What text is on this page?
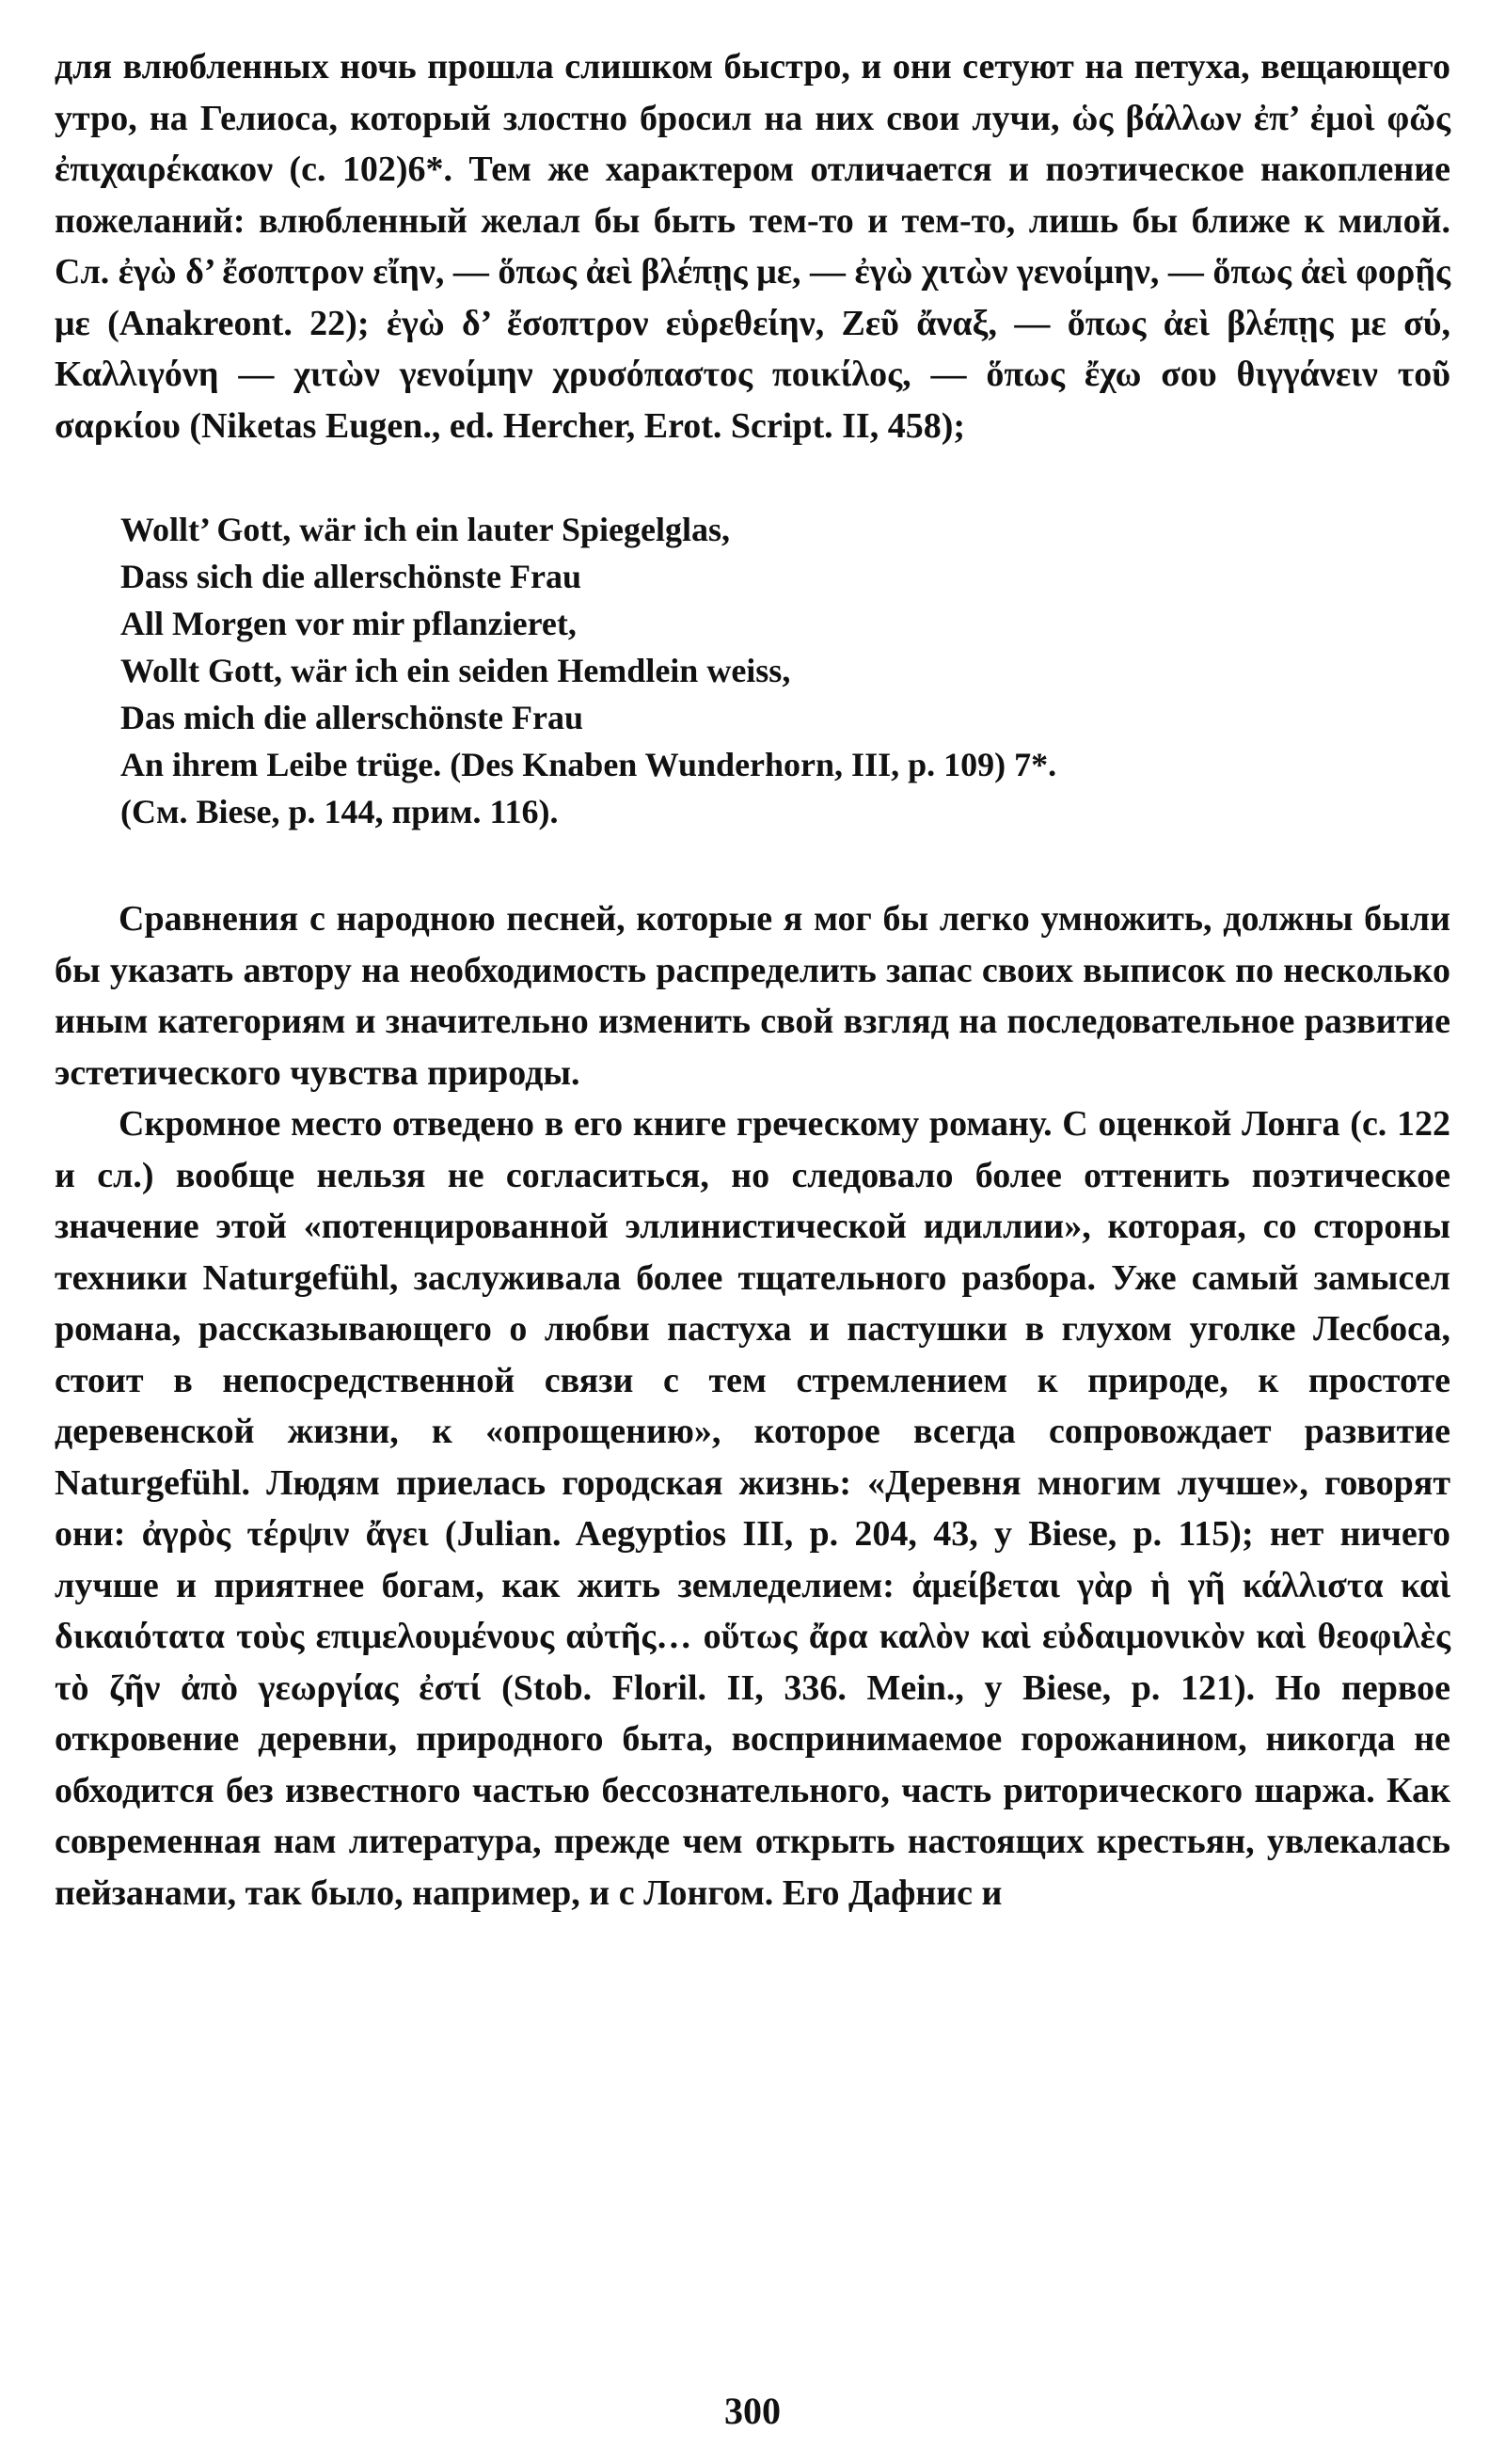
для влюбленных ночь прошла слишком быстро, и они сетуют на петуха, вещающего утро, на Гелиоса, который злостно бросил на них свои лучи, ὡς βάλλων ἐπ’ ἐμοὶ φῶς ἐπιχαιρέκακον (с. 102)6*. Тем же характером отличается и поэтическое накопление пожеланий: влюбленный желал бы быть тем-то и тем-то, лишь бы ближе к милой. Сл. ἐγὼ δ’ ἔσοπτρον εἴην, — ὅπως ἀεὶ βλέπῃς με, — ἐγὼ χιτὼν γενοίμην, — ὅπως ἀεὶ φορῇς με (Anakreont. 22); ἐγὼ δ’ ἔσοπτρον εὑρεθείην, Ζεῦ ἄναξ, — ὅπως ἀεὶ βλέπῃς με σύ, Καλλιγόνη — χιτὼν γενοίμην χρυσόπαστος ποικίλος, — ὅπως ἔχω σου θιγγάνειν τοῦ σαρκίου (Niketas Eugen., ed. Hercher, Erot. Script. II, 458);

Wollt’ Gott, wär ich ein lauter Spiegelglas,
Dass sich die allerschönste Frau
All Morgen vor mir pflanzieret,
Wollt Gott, wär ich ein seiden Hemdlein weiss,
Das mich die allerschönste Frau
An ihrem Leibe trüge. (Des Knaben Wunderhorn, III, p. 109) 7*.
(См. Biese, p. 144, прим. 116).

Сравнения с народною песней, которые я мог бы легко умножить, должны были бы указать автору на необходимость распределить запас своих выписок по несколько иным категориям и значительно изменить свой взгляд на последовательное развитие эстетического чувства природы.

Скромное место отведено в его книге греческому роману. С оценкой Лонга (с. 122 и сл.) вообще нельзя не согласиться, но следовало более оттенить поэтическое значение этой «потенцированной эллинистической идиллии», которая, со стороны техники Naturgefühl, заслуживала более тщательного разбора. Уже самый замысел романа, рассказывающего о любви пастуха и пастушки в глухом уголке Лесбоса, стоит в непосредственной связи с тем стремлением к природе, к простоте деревенской жизни, к «опрощению», которое всегда сопровождает развитие Naturgefühl. Людям приелась городская жизнь: «Деревня многим лучше», говорят они: ἀγρὸς τέρψιν ἄγει (Julian. Aegyptios III, p. 204, 43, у Biese, p. 115); нет ничего лучше и приятнее богам, как жить земледелием: ἀμείβεται γὰρ ἡ γῆ κάλλιστα καὶ δικαιότατα τοὺς επιμελουμένους αὐτῆς… οὕτως ἄρα καλὸν καὶ εὐδαιμονικὸν καὶ θεοφιλὲς τὸ ζῆν ἀπὸ γεωργίας ἐστί (Stob. Floril. II, 336. Mein., у Biese, p. 121). Но первое откровение деревни, природного быта, воспринимаемое горожанином, никогда не обходится без известного частью бессознательного, часть риторического шаржа. Как современная нам литература, прежде чем открыть настоящих крестьян, увлекалась пейзанами, так было, например, и с Лонгом. Его Дафнис и

300
